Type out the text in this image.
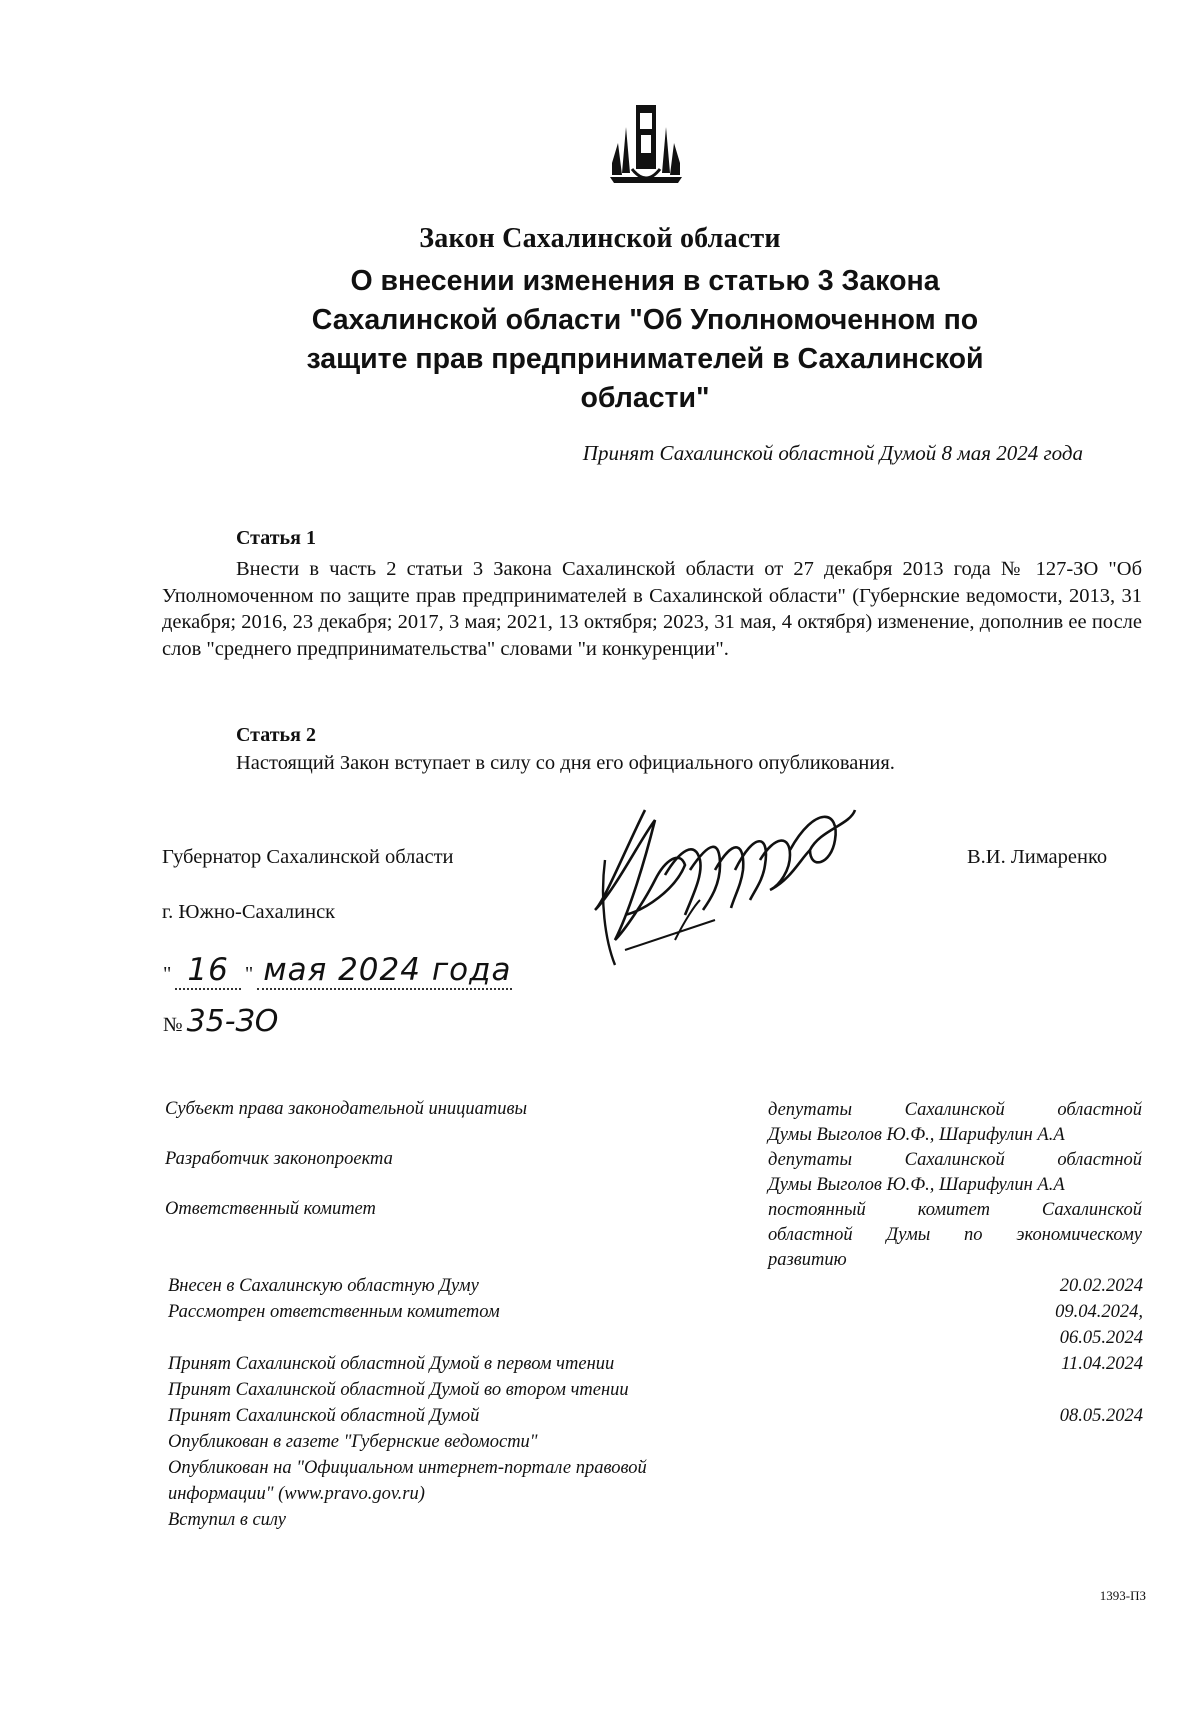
Закон Сахалинской области
О внесении изменения в статью 3 Закона
Сахалинской области "Об Уполномоченном по
защите прав предпринимателей в Сахалинской
области"
Принят Сахалинской областной Думой 8 мая 2024 года
Статья 1

Внести в часть 2 статьи 3 Закона Сахалинской области от 27 декабря 2013 года № 127-ЗО "Об Уполномоченном по защите прав предпринимателей в Сахалинской области" (Губернские ведомости, 2013, 31 декабря; 2016, 23 декабря; 2017, 3 мая; 2021, 13 октября; 2023, 31 мая, 4 октября) изменение, дополнив ее после слов "среднего предпринимательства" словами "и конкуренции".

Статья 2
Настоящий Закон вступает в силу со дня его официального опубликования.
Губернатор Сахалинской области	В.И. Лимаренко
г. Южно-Сахалинск
" 16 " мая 2024 года
№ 35-ЗО
Субъект права законодательной инициативы	депутаты Сахалинской областной
Думы Выголов Ю.Ф., Шарифулин А.А
Разработчик законопроекта	депутаты Сахалинской областной
Думы Выголов Ю.Ф., Шарифулин А.А
Ответственный комитет	постоянный комитет Сахалинской
областной Думы по экономическому
развитию
Внесен в Сахалинскую областную Думу	20.02.2024
Рассмотрен ответственным комитетом	09.04.2024,
06.05.2024
Принят Сахалинской областной Думой в первом чтении	11.04.2024
Принят Сахалинской областной Думой во втором чтении
Принят Сахалинской областной Думой	08.05.2024
Опубликован в газете "Губернские ведомости"
Опубликован на "Официальном интернет-портале правовой
информации" (www.pravo.gov.ru)
Вступил в силу
1393-ПЗ
